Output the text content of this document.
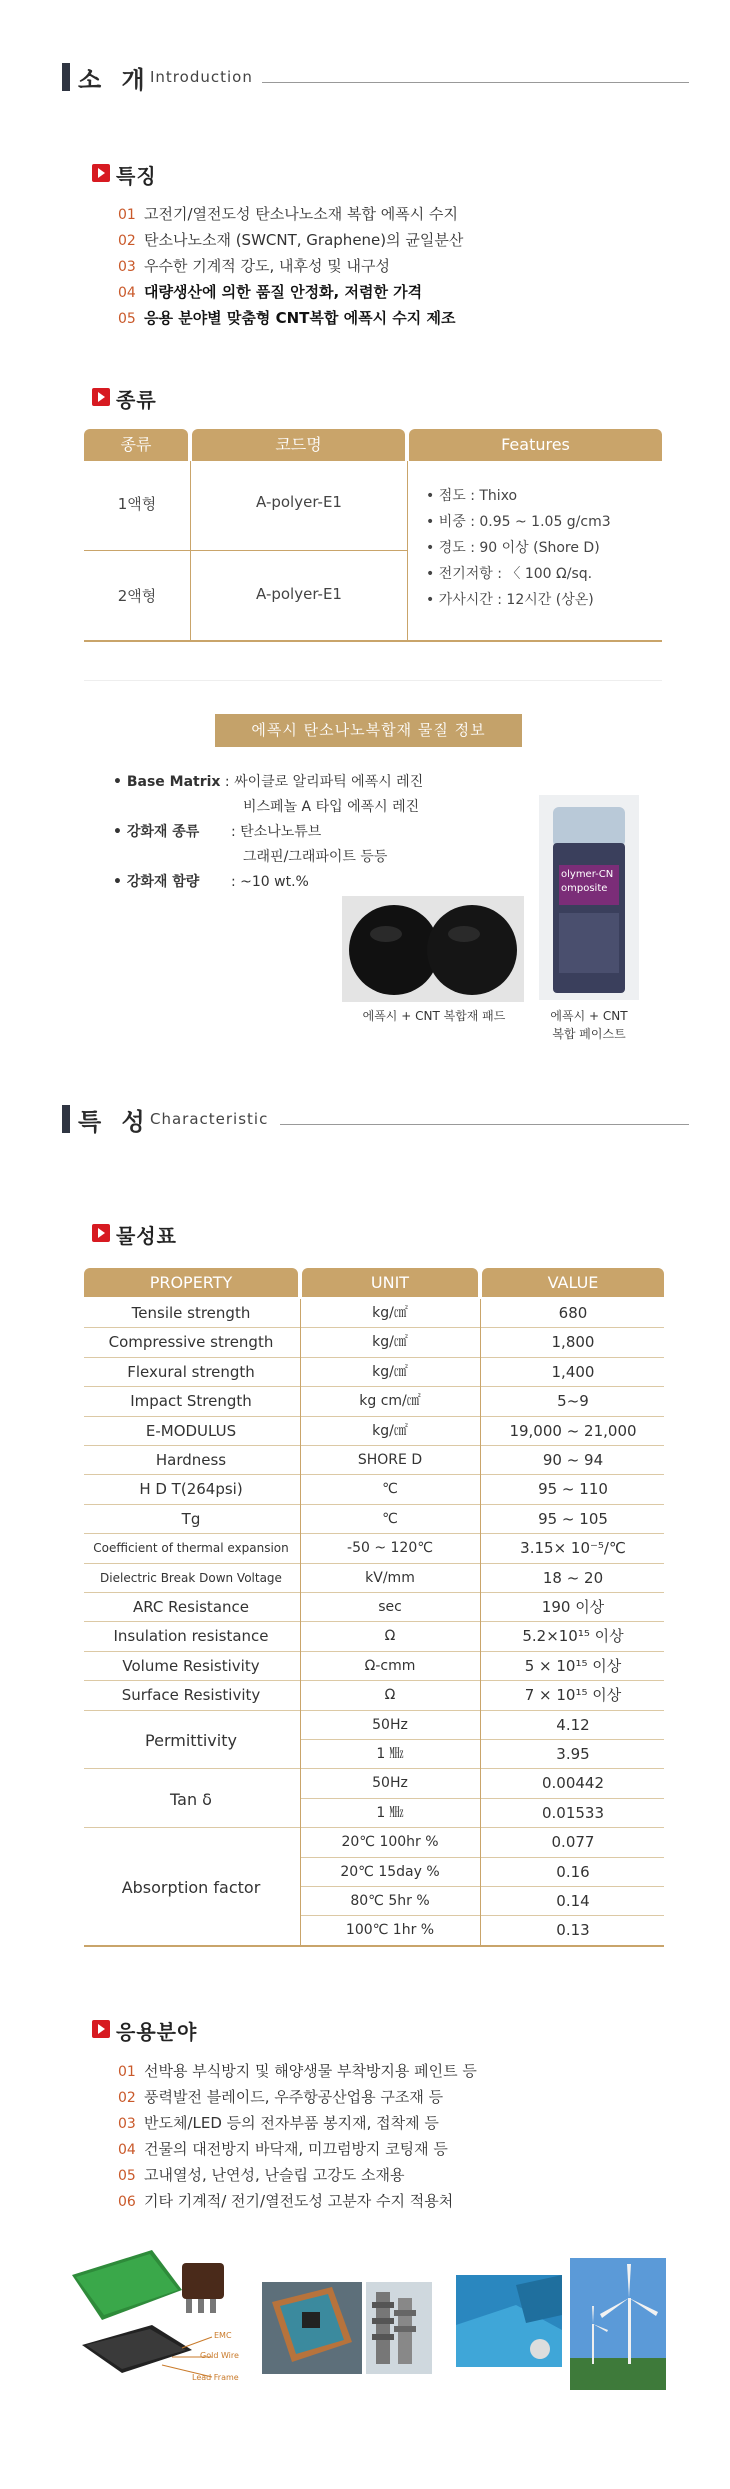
소 개 Introduction
특징
01 고전기/열전도성 탄소나노소재 복합 에폭시 수지
02 탄소나노소재 (SWCNT, Graphene)의 균일분산
03 우수한 기계적 강도, 내후성 및 내구성
04 대량생산에 의한 품질 안정화, 저렴한 가격
05 응용 분야별 맞춤형 CNT복합 에폭시 수지 제조
종류
종류	코드명	Features
1액형	A-polyer-E1
2액형	A-polyer-E1
• 점도 : Thixo
• 비중 : 0.95 ~ 1.05 g/cm3
• 경도 : 90 이상 (Shore D)
• 전기저항 : 〈 100 Ω/sq.
• 가사시간 : 12시간 (상온)
에폭시 탄소나노복합재 물질 정보
• Base Matrix : 싸이클로 알리파틱 에폭시 레진
비스페놀 A 타입 에폭시 레진
• 강화재 종류 : 탄소나노튜브
그래핀/그래파이트 등등
• 강화재 함량 : ~10 wt.%
에폭시 + CNT 복합재 패드
olymer-CN
omposite
에폭시 + CNT
복합 페이스트
특 성 Characteristic
물성표
PROPERTY	UNIT	VALUE
Tensile strength	kg/㎠	680
Compressive strength	kg/㎠	1,800
Flexural strength	kg/㎠	1,400
Impact Strength	kg cm/㎠	5~9
E-MODULUS	kg/㎠	19,000 ~ 21,000
Hardness	SHORE D	90 ~ 94
H D T(264psi)	℃	95 ~ 110
Tg	℃	95 ~ 105
Coefficient of thermal expansion	-50 ~ 120℃	3.15× 10⁻⁵/℃
Dielectric Break Down Voltage	kV/mm	18 ~ 20
ARC Resistance	sec	190 이상
Insulation resistance	Ω	5.2×10¹⁵ 이상
Volume Resistivity	Ω-cmm	5 × 10¹⁵ 이상
Surface Resistivity	Ω	7 × 10¹⁵ 이상
Permittivity
50Hz	4.12
1 ㎒	3.95
Tan δ
50Hz	0.00442
1 ㎒	0.01533
Absorption factor
20℃ 100hr %	0.077
20℃ 15day %	0.16
80℃ 5hr %	0.14
100℃ 1hr %	0.13
응용분야
01 선박용 부식방지 및 해양생물 부착방지용 페인트 등
02 풍력발전 블레이드, 우주항공산업용 구조재 등
03 반도체/LED 등의 전자부품 봉지재, 접착제 등
04 건물의 대전방지 바닥재, 미끄럼방지 코팅재 등
05 고내열성, 난연성, 난슬립 고강도 소재용
06 기타 기계적/ 전기/열전도성 고분자 수지 적용처
EMC
Gold Wire
Lead Frame
